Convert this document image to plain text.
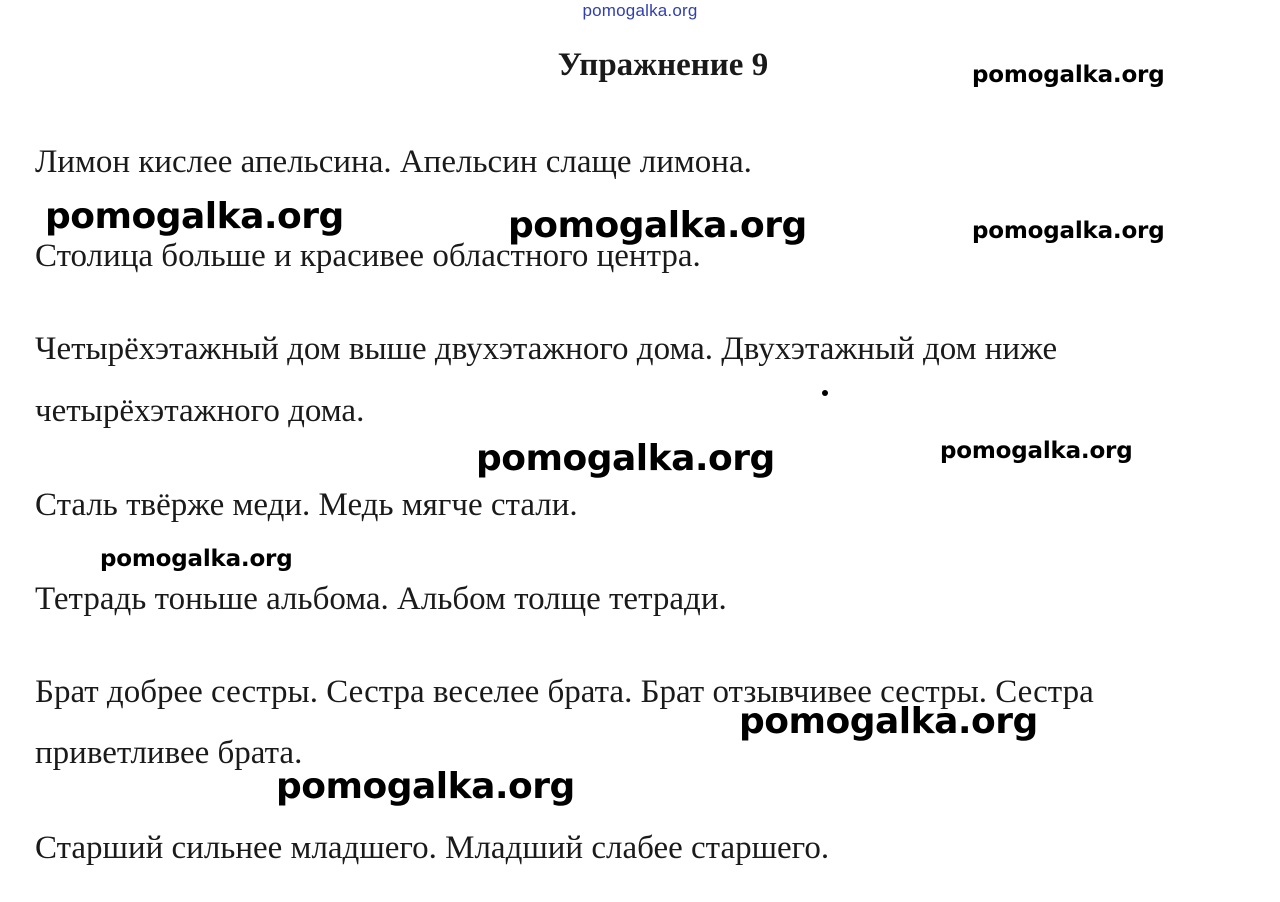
pomogalka.org
Упражнение 9
Лимон кислее апельсина. Апельсин слаще лимона.
Столица больше и красивее областного центра.
Четырёхэтажный дом выше двухэтажного дома. Двухэтажный дом ниже
четырёхэтажного дома.
Сталь твёрже меди. Медь мягче стали.
Тетрадь тоньше альбома. Альбом толще тетради.
Брат добрее сестры. Сестра веселее брата. Брат отзывчивее сестры. Сестра
приветливее брата.
Старший сильнее младшего. Младший слабее старшего.
pomogalka.org
pomogalka.org	pomogalka.org	pomogalka.org
pomogalka.org	pomogalka.org
pomogalka.org
pomogalka.org
pomogalka.org
